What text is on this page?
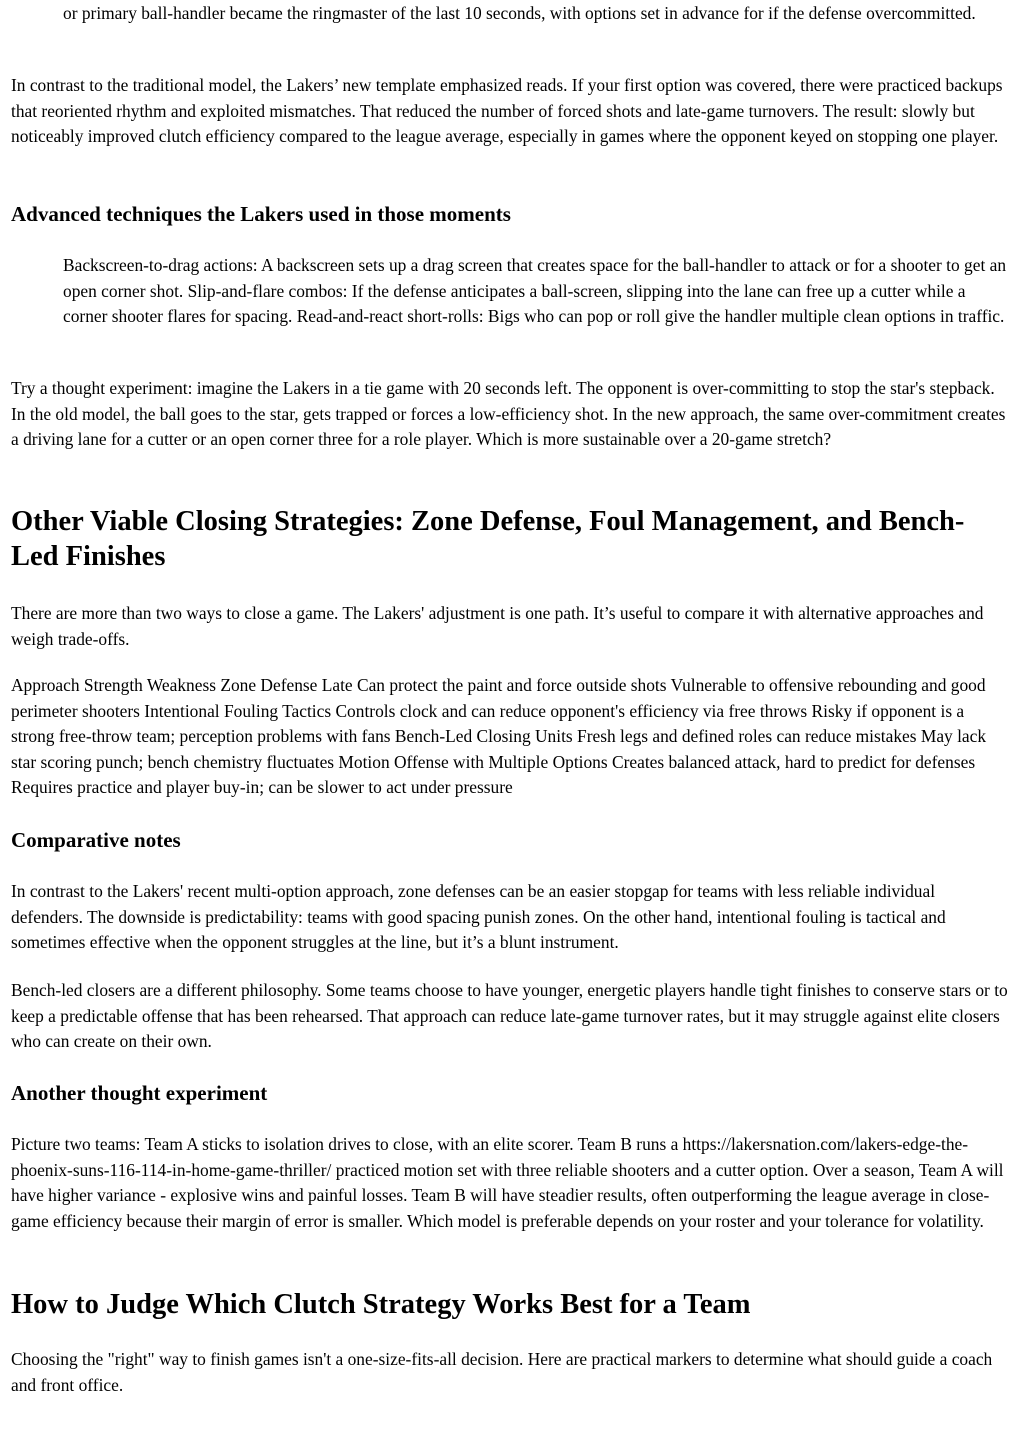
or primary ball-handler became the ringmaster of the last 10 seconds, with options set in advance for if the defense overcommitted.

In contrast to the traditional model, the Lakers’ new template emphasized reads. If your first option was covered, there were practiced backups that reoriented rhythm and exploited mismatches. That reduced the number of forced shots and late-game turnovers. The result: slowly but noticeably improved clutch efficiency compared to the league average, especially in games where the opponent keyed on stopping one player.

Advanced techniques the Lakers used in those moments

Backscreen-to-drag actions: A backscreen sets up a drag screen that creates space for the ball-handler to attack or for a shooter to get an open corner shot. Slip-and-flare combos: If the defense anticipates a ball-screen, slipping into the lane can free up a cutter while a corner shooter flares for spacing. Read-and-react short-rolls: Bigs who can pop or roll give the handler multiple clean options in traffic.

Try a thought experiment: imagine the Lakers in a tie game with 20 seconds left. The opponent is over-committing to stop the star's stepback. In the old model, the ball goes to the star, gets trapped or forces a low-efficiency shot. In the new approach, the same over-commitment creates a driving lane for a cutter or an open corner three for a role player. Which is more sustainable over a 20-game stretch?

Other Viable Closing Strategies: Zone Defense, Foul Management, and Bench-Led Finishes

There are more than two ways to close a game. The Lakers' adjustment is one path. It’s useful to compare it with alternative approaches and weigh trade-offs.

Approach Strength Weakness Zone Defense Late Can protect the paint and force outside shots Vulnerable to offensive rebounding and good perimeter shooters Intentional Fouling Tactics Controls clock and can reduce opponent's efficiency via free throws Risky if opponent is a strong free-throw team; perception problems with fans Bench-Led Closing Units Fresh legs and defined roles can reduce mistakes May lack star scoring punch; bench chemistry fluctuates Motion Offense with Multiple Options Creates balanced attack, hard to predict for defenses Requires practice and player buy-in; can be slower to act under pressure

Comparative notes

In contrast to the Lakers' recent multi-option approach, zone defenses can be an easier stopgap for teams with less reliable individual defenders. The downside is predictability: teams with good spacing punish zones. On the other hand, intentional fouling is tactical and sometimes effective when the opponent struggles at the line, but it’s a blunt instrument.

Bench-led closers are a different philosophy. Some teams choose to have younger, energetic players handle tight finishes to conserve stars or to keep a predictable offense that has been rehearsed. That approach can reduce late-game turnover rates, but it may struggle against elite closers who can create on their own.

Another thought experiment

Picture two teams: Team A sticks to isolation drives to close, with an elite scorer. Team B runs a https://lakersnation.com/lakers-edge-the-phoenix-suns-116-114-in-home-game-thriller/ practiced motion set with three reliable shooters and a cutter option. Over a season, Team A will have higher variance - explosive wins and painful losses. Team B will have steadier results, often outperforming the league average in close-game efficiency because their margin of error is smaller. Which model is preferable depends on your roster and your tolerance for volatility.

How to Judge Which Clutch Strategy Works Best for a Team

Choosing the "right" way to finish games isn't a one-size-fits-all decision. Here are practical markers to determine what should guide a coach and front office.
